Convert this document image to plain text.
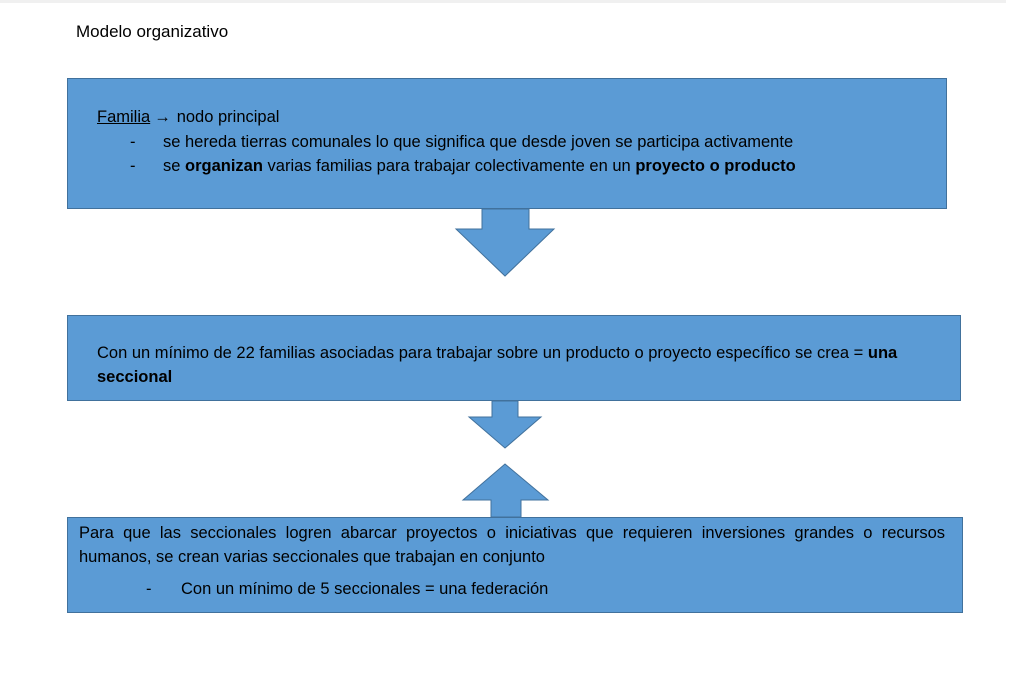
Modelo organizativo
Familia → nodo principal
- se hereda tierras comunales lo que significa que desde joven se participa activamente
- se organizan varias familias para trabajar colectivamente en un proyecto o producto
Con un mínimo de 22 familias asociadas para trabajar sobre un producto o proyecto específico se crea = una seccional
Para que las seccionales logren abarcar proyectos o iniciativas que requieren inversiones grandes o recursos humanos, se crean varias seccionales que trabajan en conjunto
- Con un mínimo de 5 seccionales = una federación
